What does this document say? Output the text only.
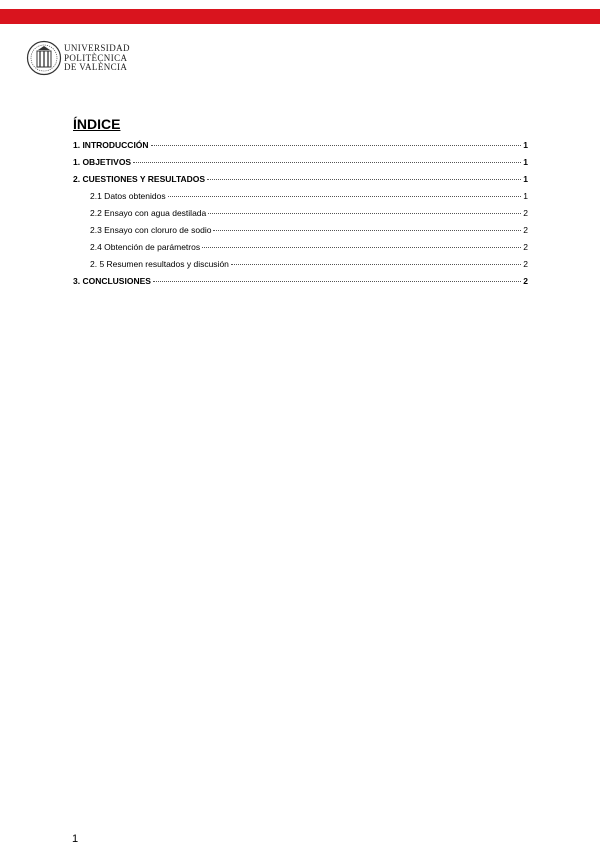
UNIVERSIDAD
POLITÈCNICA
DE VALÈNCIA
ÍNDICE
1. INTRODUCCIÓN	1
1. OBJETIVOS	1
2. CUESTIONES Y RESULTADOS	1
2.1 Datos obtenidos	1
2.2 Ensayo con agua destilada	2
2.3 Ensayo con cloruro de sodio	2
2.4 Obtención de parámetros	2
2. 5 Resumen resultados y discusión	2
3. CONCLUSIONES	2
1
